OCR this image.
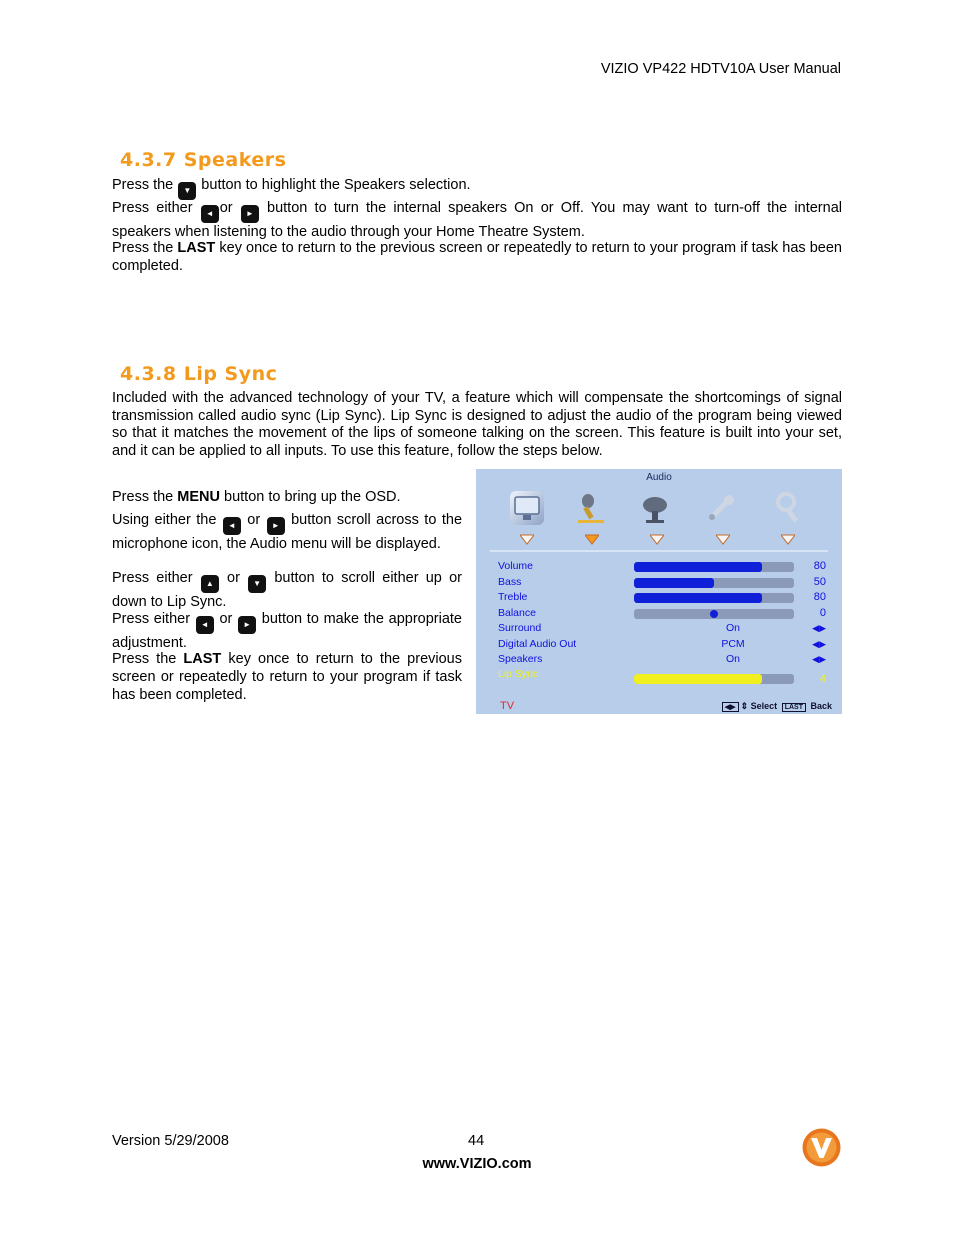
VIZIO VP422 HDTV10A User Manual
4.3.7 Speakers

Press the ▼ button to highlight the Speakers selection.

Press either ◄ or ► button to turn the internal speakers On or Off. You may want to turn-off the internal speakers when listening to the audio through your Home Theatre System.

Press the LAST key once to return to the previous screen or repeatedly to return to your program if task has been completed.

4.3.8 Lip Sync

Included with the advanced technology of your TV, a feature which will compensate the shortcomings of signal transmission called audio sync (Lip Sync). Lip Sync is designed to adjust the audio of the program being viewed so that it matches the movement of the lips of someone talking on the screen. This feature is built into your set, and it can be applied to all inputs. To use this feature, follow the steps below.

Press the MENU button to bring up the OSD.

Using either the ◄ or ► button scroll across to the microphone icon, the Audio menu will be displayed.

Press either ▲ or ▼ button to scroll either up or down to Lip Sync.

Press either ◄ or ► button to make the appropriate adjustment.

Press the LAST key once to return to the previous screen or repeatedly to return to your program if task has been completed.

Audio
Volume	80
Bass	50
Treble	80
Balance	0
Surround	On	◀▶
Digital Audio Out	PCM	◀▶
Speakers	On	◀▶
Lip Sync	4
TV	◀▶ ⇕ Select LAST Back
Version 5/29/2008	44
www.VIZIO.com
